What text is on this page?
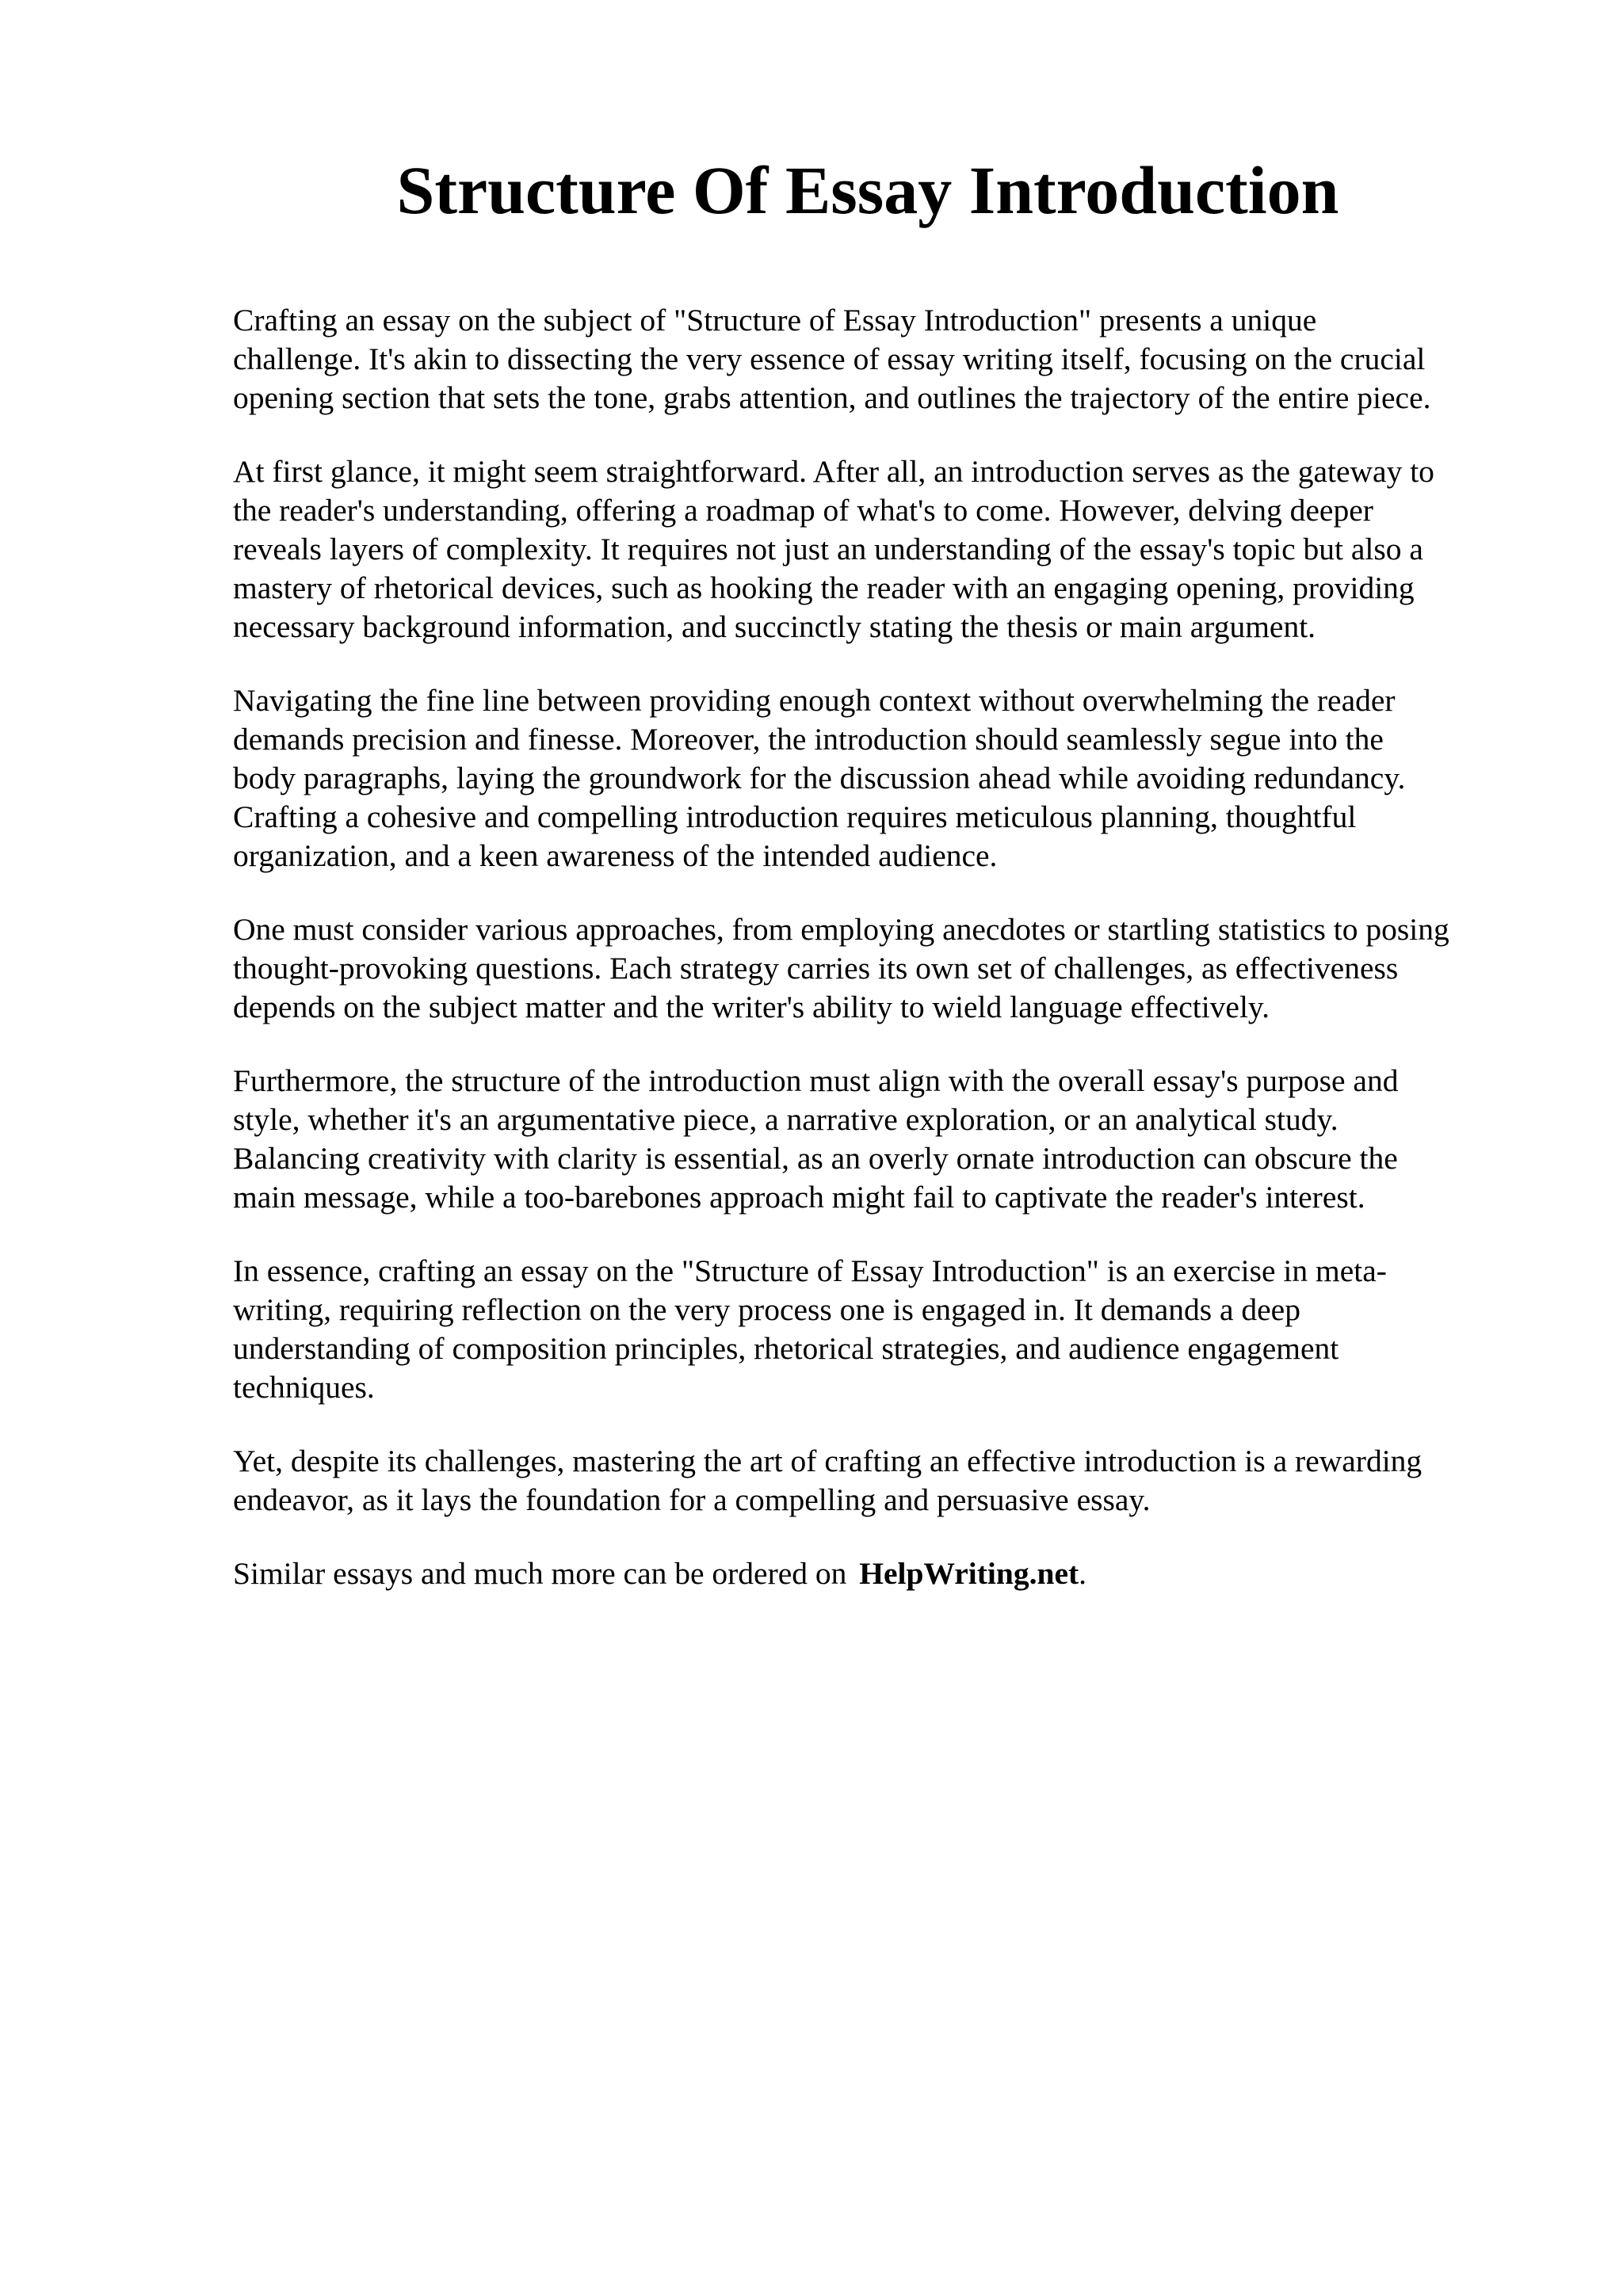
Structure Of Essay Introduction

Crafting an essay on the subject of "Structure of Essay Introduction" presents a unique
challenge. It's akin to dissecting the very essence of essay writing itself, focusing on the crucial
opening section that sets the tone, grabs attention, and outlines the trajectory of the entire piece.

At first glance, it might seem straightforward. After all, an introduction serves as the gateway to
the reader's understanding, offering a roadmap of what's to come. However, delving deeper
reveals layers of complexity. It requires not just an understanding of the essay's topic but also a
mastery of rhetorical devices, such as hooking the reader with an engaging opening, providing
necessary background information, and succinctly stating the thesis or main argument.

Navigating the fine line between providing enough context without overwhelming the reader
demands precision and finesse. Moreover, the introduction should seamlessly segue into the
body paragraphs, laying the groundwork for the discussion ahead while avoiding redundancy.
Crafting a cohesive and compelling introduction requires meticulous planning, thoughtful
organization, and a keen awareness of the intended audience.

One must consider various approaches, from employing anecdotes or startling statistics to posing
thought-provoking questions. Each strategy carries its own set of challenges, as effectiveness
depends on the subject matter and the writer's ability to wield language effectively.

Furthermore, the structure of the introduction must align with the overall essay's purpose and
style, whether it's an argumentative piece, a narrative exploration, or an analytical study.
Balancing creativity with clarity is essential, as an overly ornate introduction can obscure the
main message, while a too-barebones approach might fail to captivate the reader's interest.

In essence, crafting an essay on the "Structure of Essay Introduction" is an exercise in meta-
writing, requiring reflection on the very process one is engaged in. It demands a deep
understanding of composition principles, rhetorical strategies, and audience engagement
techniques.

Yet, despite its challenges, mastering the art of crafting an effective introduction is a rewarding
endeavor, as it lays the foundation for a compelling and persuasive essay.

Similar essays and much more can be ordered on HelpWriting.net.
